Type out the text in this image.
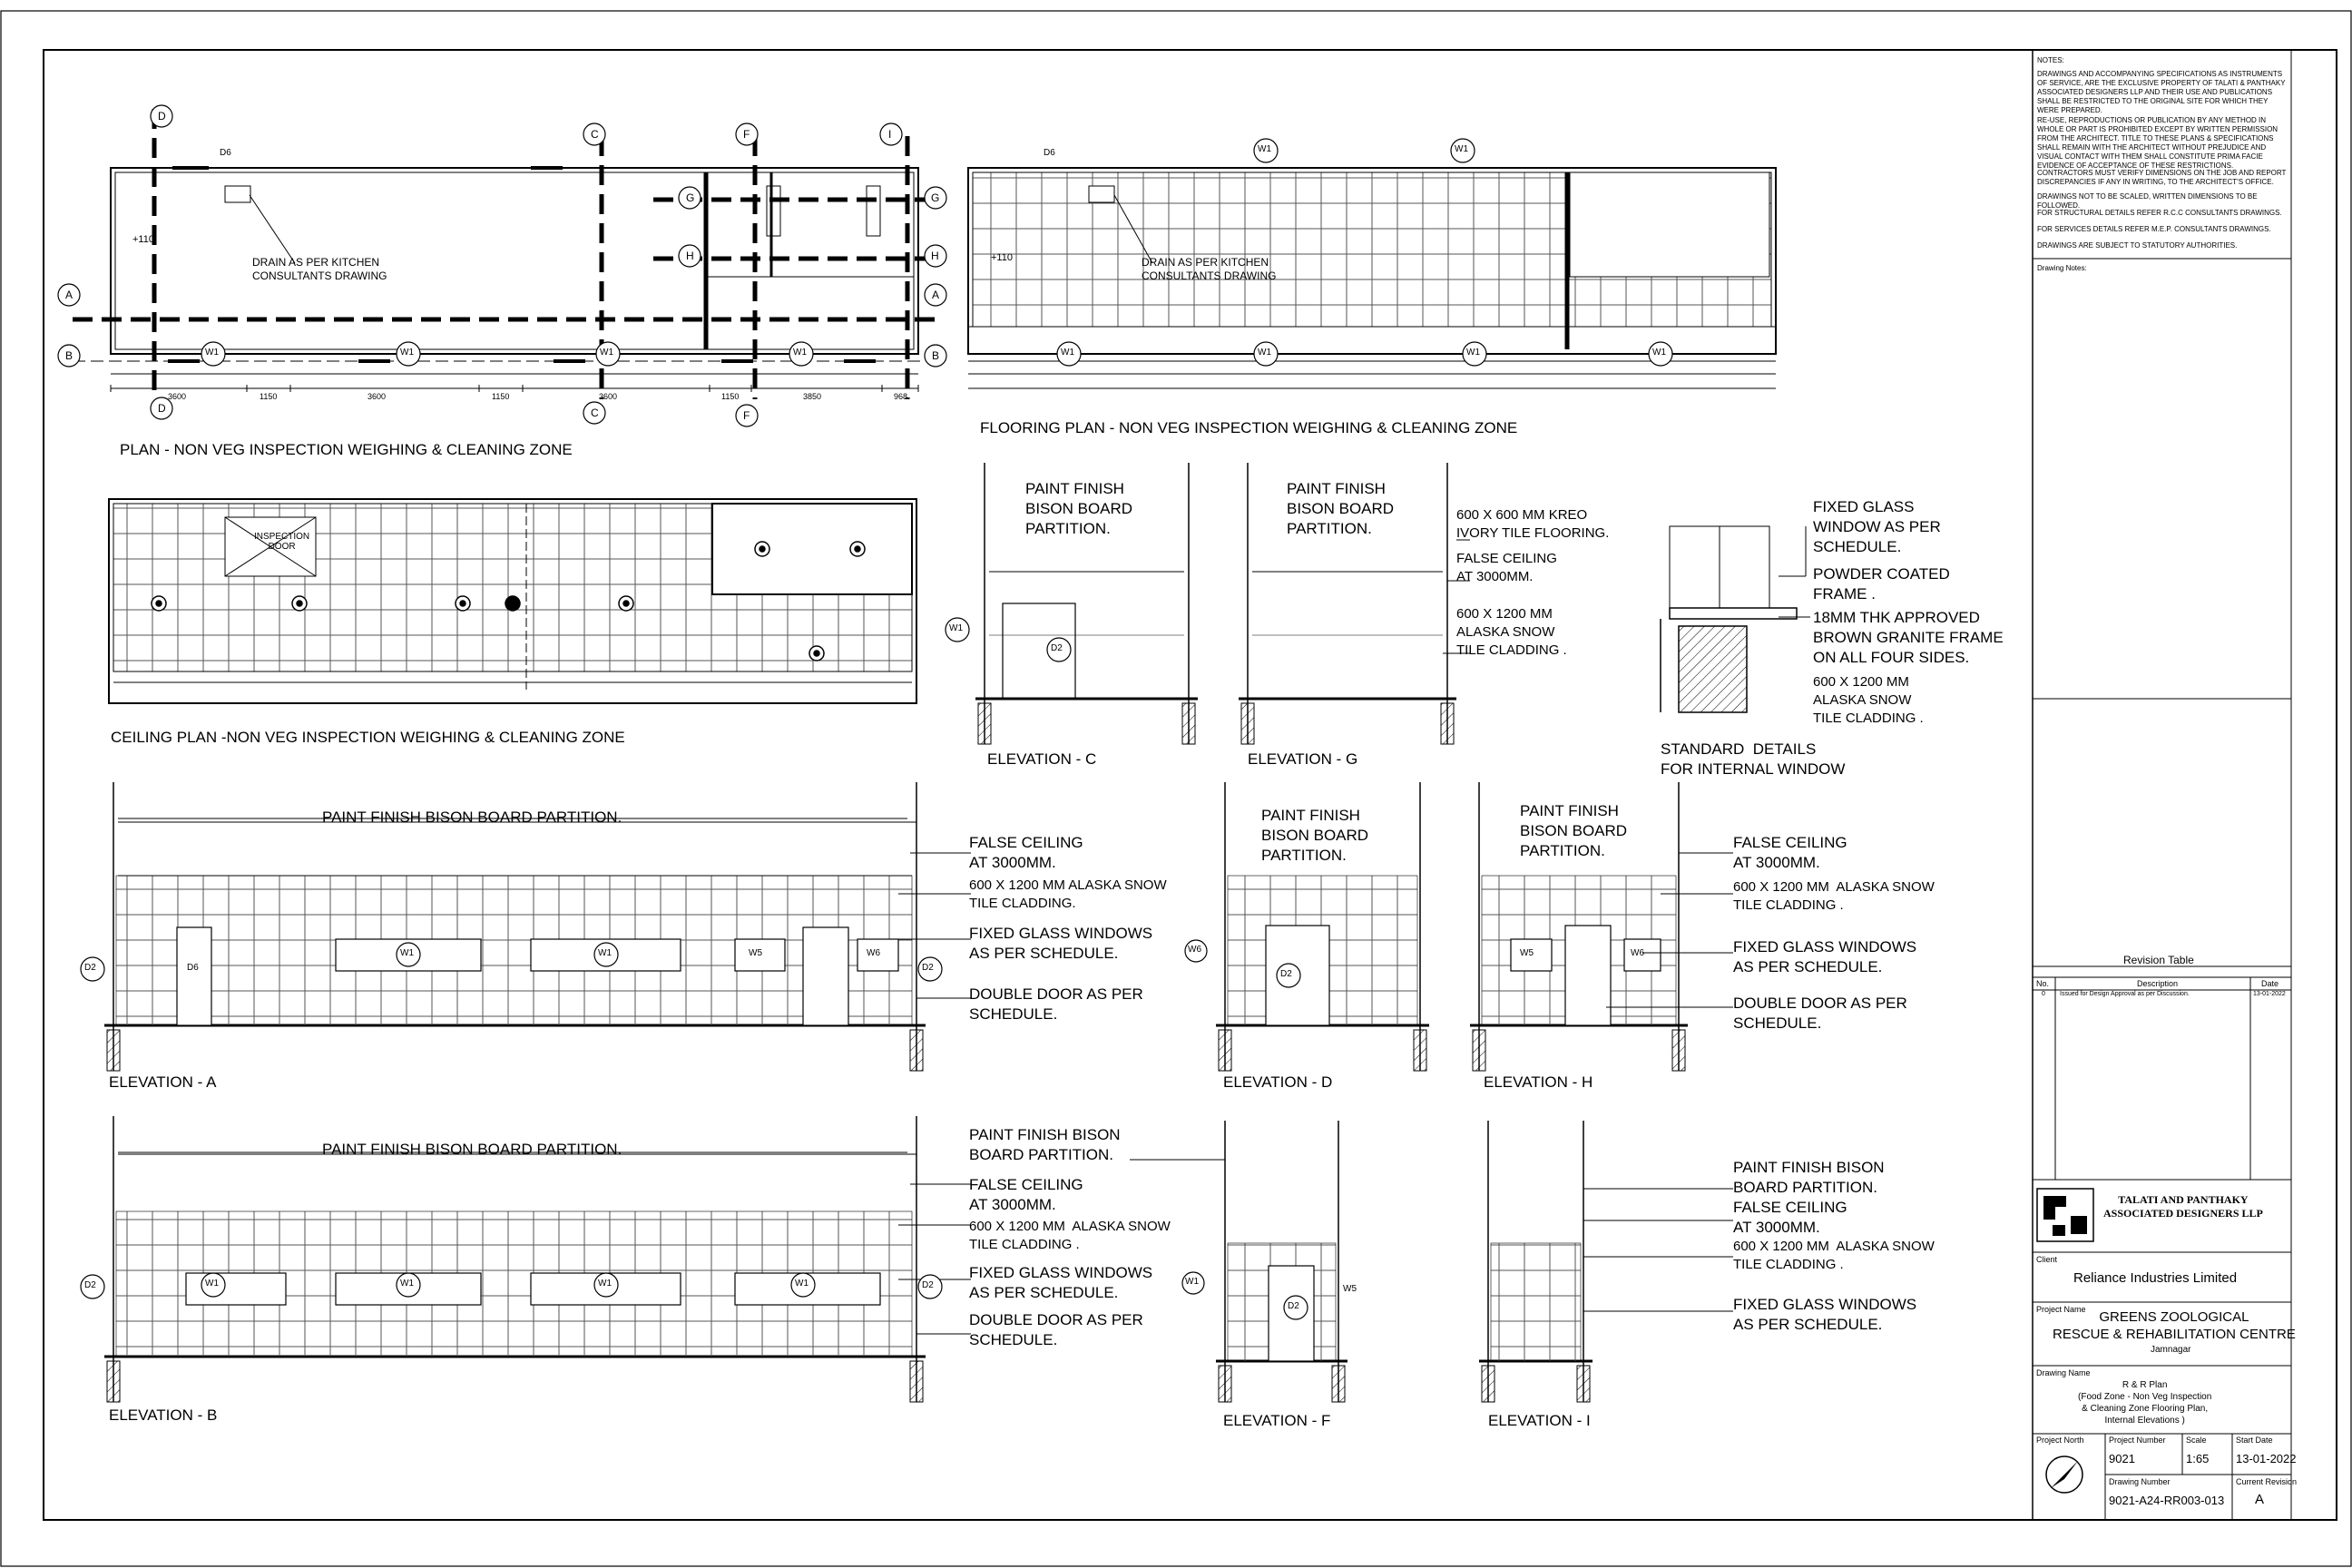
PLAN - NON VEG INSPECTION WEIGHING & CLEANING ZONE
FLOORING PLAN - NON VEG INSPECTION WEIGHING & CLEANING ZONE
CEILING PLAN -NON VEG INSPECTION WEIGHING & CLEANING ZONE
ELEVATION - C	ELEVATION - G
ELEVATION - A	ELEVATION - D	ELEVATION - H
ELEVATION - B	ELEVATION - F	ELEVATION - I
STANDARD  DETAILS
FOR INTERNAL WINDOW
DRAIN AS PER KITCHEN
CONSULTANTS DRAWING
DRAIN AS PER KITCHEN
CONSULTANTS DRAWING
+110
+110
INSPECTION
DOOR
3600	1150	3600	1150	3600	1150	3850	968
D
D
C
C
F
F
I
A
B
A
B
G
H
G
H
W1	W1	W1	W1	W1	W1	W1	W1
W1	W1
W1	W1
W1	W1	W1	W1
D2	D2
D2	D2
D2
D2
D2
W1
W6
W1
W5	W6	W5	W6
W5
D6
D6	D6
PAINT FINISH
BISON BOARD
PARTITION.
PAINT FINISH
BISON BOARD
PARTITION.
600 X 600 MM KREO
IVORY TILE FLOORING.
FALSE CEILING
AT 3000MM.
600 X 1200 MM
ALASKA SNOW
TILE CLADDING .
FIXED GLASS
WINDOW AS PER
SCHEDULE.
POWDER COATED
FRAME .
18MM THK APPROVED
BROWN GRANITE FRAME
ON ALL FOUR SIDES.
600 X 1200 MM
ALASKA SNOW
TILE CLADDING .
PAINT FINISH BISON BOARD PARTITION.
FALSE CEILING
AT 3000MM.
600 X 1200 MM ALASKA SNOW
TILE CLADDING.
FIXED GLASS WINDOWS
AS PER SCHEDULE.
DOUBLE DOOR AS PER
SCHEDULE.
PAINT FINISH
BISON BOARD
PARTITION.
PAINT FINISH
BISON BOARD
PARTITION.	FALSE CEILING
AT 3000MM.
600 X 1200 MM  ALASKA SNOW
TILE CLADDING .
FIXED GLASS WINDOWS
AS PER SCHEDULE.
DOUBLE DOOR AS PER
SCHEDULE.
PAINT FINISH BISON BOARD PARTITION.
PAINT FINISH BISON
BOARD PARTITION.
FALSE CEILING
AT 3000MM.
600 X 1200 MM  ALASKA SNOW
TILE CLADDING .
FIXED GLASS WINDOWS
AS PER SCHEDULE.
DOUBLE DOOR AS PER
SCHEDULE.
PAINT FINISH BISON
BOARD PARTITION.
FALSE CEILING
AT 3000MM.
600 X 1200 MM  ALASKA SNOW
TILE CLADDING .
FIXED GLASS WINDOWS
AS PER SCHEDULE.
NOTES:
DRAWINGS AND ACCOMPANYING SPECIFICATIONS AS INSTRUMENTS OF SERVICE, ARE THE EXCLUSIVE PROPERTY OF TALATI & PANTHAKY ASSOCIATED DESIGNERS LLP AND THEIR USE AND PUBLICATIONS SHALL BE RESTRICTED TO THE ORIGINAL SITE FOR WHICH THEY WERE PREPARED.
RE-USE, REPRODUCTIONS OR PUBLICATION BY ANY METHOD IN WHOLE OR PART IS PROHIBITED EXCEPT BY WRITTEN PERMISSION FROM THE ARCHITECT. TITLE TO THESE PLANS & SPECIFICATIONS SHALL REMAIN WITH THE ARCHITECT WITHOUT PREJUDICE AND VISUAL CONTACT WITH THEM SHALL CONSTITUTE PRIMA FACIE EVIDENCE OF ACCEPTANCE OF THESE RESTRICTIONS.
CONTRACTORS MUST VERIFY DIMENSIONS ON THE JOB AND REPORT DISCREPANCIES IF ANY IN WRITING, TO THE ARCHITECT'S OFFICE.
DRAWINGS NOT TO BE SCALED, WRITTEN DIMENSIONS TO BE FOLLOWED.
FOR STRUCTURAL DETAILS REFER R.C.C CONSULTANTS DRAWINGS.
FOR SERVICES DETAILS REFER M.E.P. CONSULTANTS DRAWINGS.
DRAWINGS ARE SUBJECT TO STATUTORY AUTHORITIES.
Drawing Notes:
Revision Table
No.	Description	Date
0 Issued for Design Approval as per Discussion.	13-01-2022
TALATI AND PANTHAKY
ASSOCIATED DESIGNERS LLP
Client
Reliance Industries Limited
Project Name GREENS ZOOLOGICAL
RESCUE & REHABILITATION CENTRE
Jamnagar
Drawing Name
R & R Plan
(Food Zone - Non Veg Inspection
& Cleaning Zone Flooring Plan,
Internal Elevations )
Project North	Project Number
9021
Scale
1:65
Start Date
13-01-2022
Drawing Number
9021-A24-RR003-013
Current Revision
A
